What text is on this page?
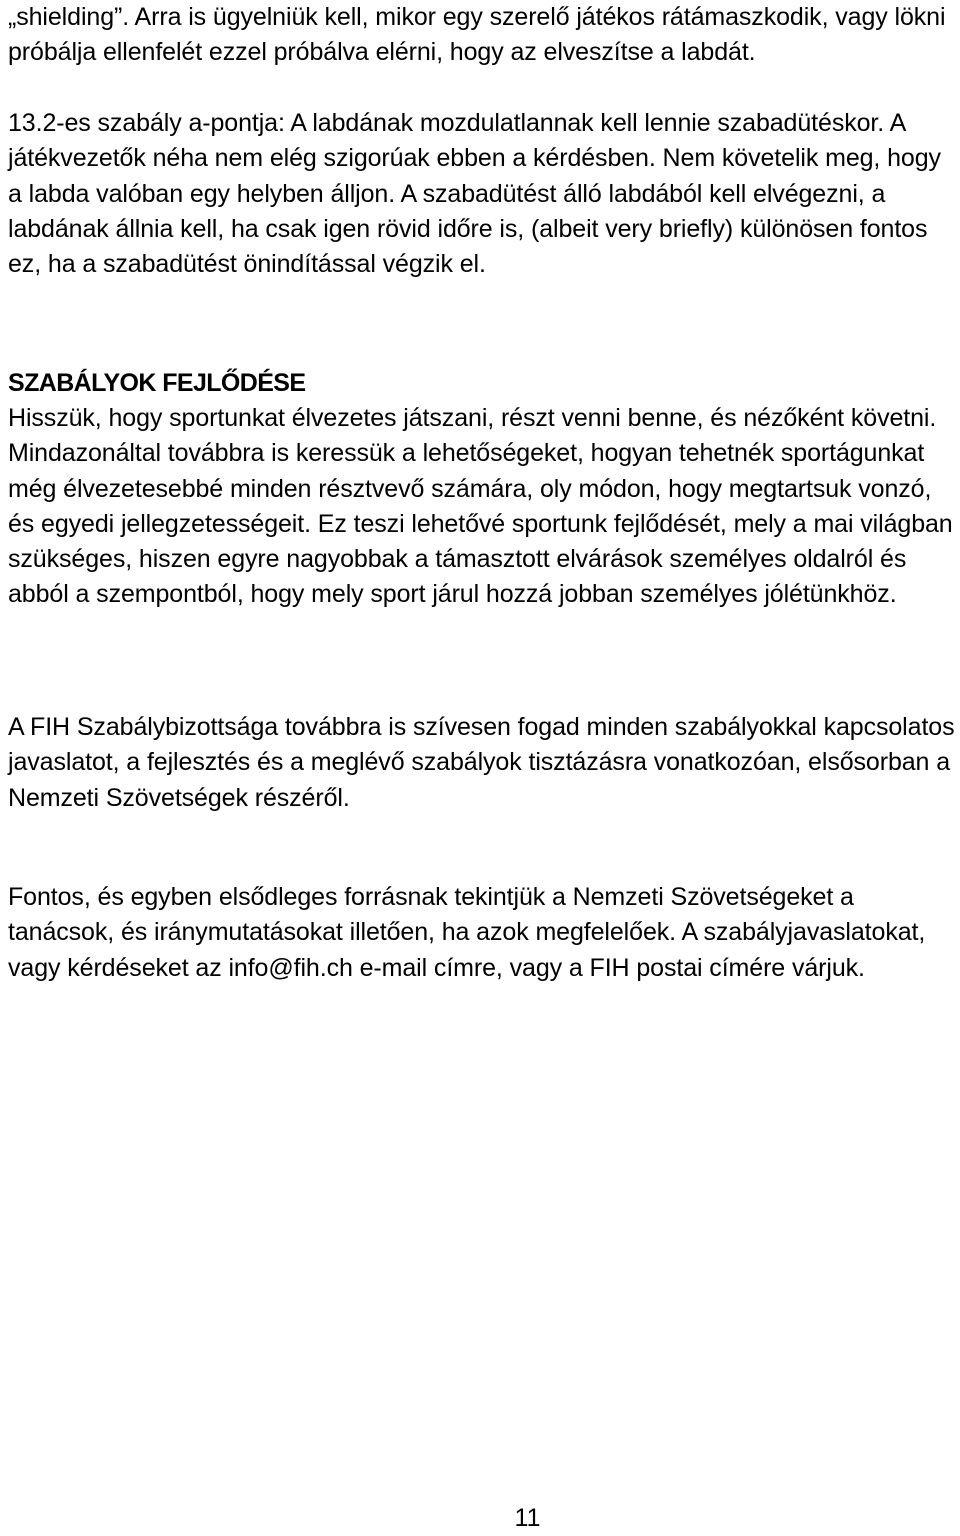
„shielding”. Arra is ügyelniük kell, mikor egy szerelő játékos rátámaszkodik, vagy lökni próbálja ellenfelét ezzel próbálva elérni, hogy az elveszítse a labdát.

13.2-es szabály a-pontja: A labdának mozdulatlannak kell lennie szabadütéskor. A játékvezetők néha nem elég szigorúak ebben a kérdésben. Nem követelik meg, hogy a labda valóban egy helyben álljon. A szabadütést álló labdából kell elvégezni, a labdának állnia kell, ha csak igen rövid időre is, (albeit very briefly) különösen fontos ez, ha a szabadütést önindítással végzik el.

SZABÁLYOK FEJLŐDÉSE

Hisszük, hogy sportunkat élvezetes játszani, részt venni benne, és nézőként követni. Mindazonáltal továbbra is keressük a lehetőségeket, hogyan tehetnék sportágunkat még élvezetesebbé minden résztvevő számára, oly módon, hogy megtartsuk vonzó, és egyedi jellegzetességeit. Ez teszi lehetővé sportunk fejlődését, mely a mai világban szükséges, hiszen egyre nagyobbak a támasztott elvárások személyes oldalról és abból a szempontból, hogy mely sport járul hozzá jobban személyes jólétünkhöz.

A FIH Szabálybizottsága továbbra is szívesen fogad minden szabályokkal kapcsolatos javaslatot, a fejlesztés és a meglévő szabályok tisztázásra vonatkozóan, elsősorban a Nemzeti Szövetségek részéről.

Fontos, és egyben elsődleges forrásnak tekintjük a Nemzeti Szövetségeket a tanácsok, és iránymutatásokat illetően, ha azok megfelelőek. A szabályjavaslatokat, vagy kérdéseket az info@fih.ch e-mail címre, vagy a FIH postai címére várjuk.

11
